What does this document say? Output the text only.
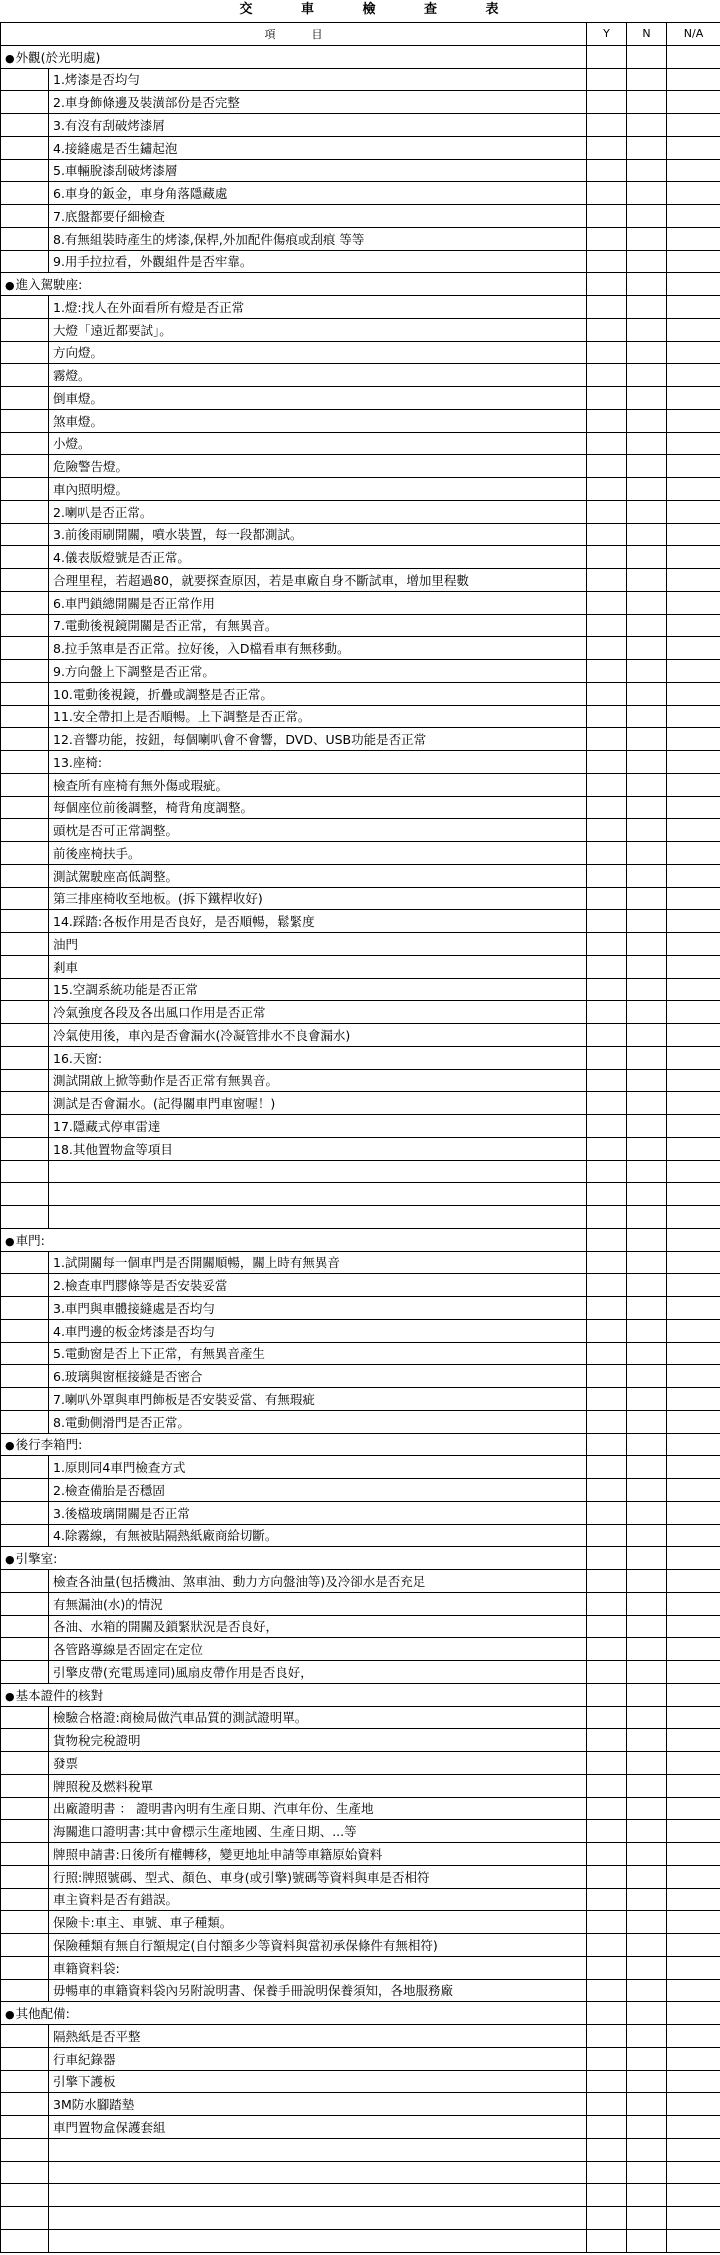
交 車 檢 查 表
項目		Y	N	N/A
● 外觀(於光明處)			
	1.烤漆是否均勻			
	2.車身飾條邊及裝潢部份是否完整			
	3.有沒有刮破烤漆屑			
	4.接縫處是否生鏽起泡			
	5.車輛脫漆刮破烤漆層			
	6.車身的鈑金，車身角落隱藏處			
	7.底盤都要仔細檢查			
	8.有無組裝時產生的烤漆,保桿,外加配件傷痕或刮痕 等等			
	9.用手拉拉看，外觀組件是否牢靠。			
● 進入駕駛座:			
	1.燈:找人在外面看所有燈是否正常			
	大燈「遠近都要試」。			
	方向燈。			
	霧燈。			
	倒車燈。			
	煞車燈。			
	小燈。			
	危險警告燈。			
	車內照明燈。			
	2.喇叭是否正常。			
	3.前後雨刷開關，噴水裝置，每一段都測試。			
	4.儀表版燈號是否正常。			
	合理里程，若超過80，就要探查原因，若是車廠自身不斷試車，增加里程數			
	6.車門鎖總開關是否正常作用			
	7.電動後視鏡開關是否正常，有無異音。			
	8.拉手煞車是否正常。拉好後，入D檔看車有無移動。			
	9.方向盤上下調整是否正常。			
	10.電動後視鏡，折疊或調整是否正常。			
	11.安全帶扣上是否順暢。上下調整是否正常。			
	12.音響功能，按鈕，每個喇叭會不會響，DVD、USB功能是否正常			
	13.座椅:			
	檢查所有座椅有無外傷或瑕疵。			
	每個座位前後調整，椅背角度調整。			
	頭枕是否可正常調整。			
	前後座椅扶手。			
	測試駕駛座高低調整。			
	第三排座椅收至地板。(拆下鐵桿收好)			
	14.踩踏:各板作用是否良好，是否順暢，鬆緊度			
	油門			
	剎車			
	15.空調系統功能是否正常			
	冷氣強度各段及各出風口作用是否正常			
	冷氣使用後，車內是否會漏水(冷凝管排水不良會漏水)			
	16.天窗:			
	測試開啟上掀等動作是否正常有無異音。			
	測試是否會漏水。(記得關車門車窗喔！)			
	17.隱藏式停車雷達			
	18.其他置物盒等項目			

● 車門:			
	1.試開關每一個車門是否開關順暢，關上時有無異音			
	2.檢查車門膠條等是否安裝妥當			
	3.車門與車體接縫處是否均勻			
	4.車門邊的板金烤漆是否均勻			
	5.電動窗是否上下正常，有無異音產生			
	6.玻璃與窗框接縫是否密合			
	7.喇叭外罩與車門飾板是否安裝妥當、有無瑕疵			
	8.電動側滑門是否正常。			
● 後行李箱門:			
	1.原則同4車門檢查方式			
	2.檢查備胎是否穩固			
	3.後檔玻璃開關是否正常			
	4.除霧線，有無被貼隔熱紙廠商給切斷。			
● 引擎室:			
	檢查各油量(包括機油、煞車油、動力方向盤油等)及冷卻水是否充足			
	有無漏油(水)的情況			
	各油、水箱的開關及鎖緊狀況是否良好，			
	各管路導線是否固定在定位			
	引擎皮帶(充電馬達同)風扇皮帶作用是否良好，			
● 基本證件的核對			
	檢驗合格證:商檢局做汽車品質的測試證明單。			
	貨物稅完稅證明			
	發票			
	牌照稅及燃料稅單			
	出廠證明書 ： 證明書內明有生產日期、汽車年份、生產地			
	海關進口證明書:其中會標示生產地國、生產日期、...等			
	牌照申請書:日後所有權轉移，變更地址申請等車籍原始資料			
	行照:牌照號碼、型式、顏色、車身(或引擎)號碼等資料與車是否相符			
	車主資料是否有錯誤。			
	保險卡:車主、車號、車子種類。			
	保險種類有無自行額規定(自付額多少等資料與當初承保條件有無相符)			
	車籍資料袋:			
	毋暢車的車籍資料袋內另附說明書、保養手冊說明保養須知，各地服務廠			
● 其他配備:			
	隔熱紙是否平整			
	行車紀錄器			
	引擎下護板			
	3M防水腳踏墊			
	車門置物盒保護套組			
